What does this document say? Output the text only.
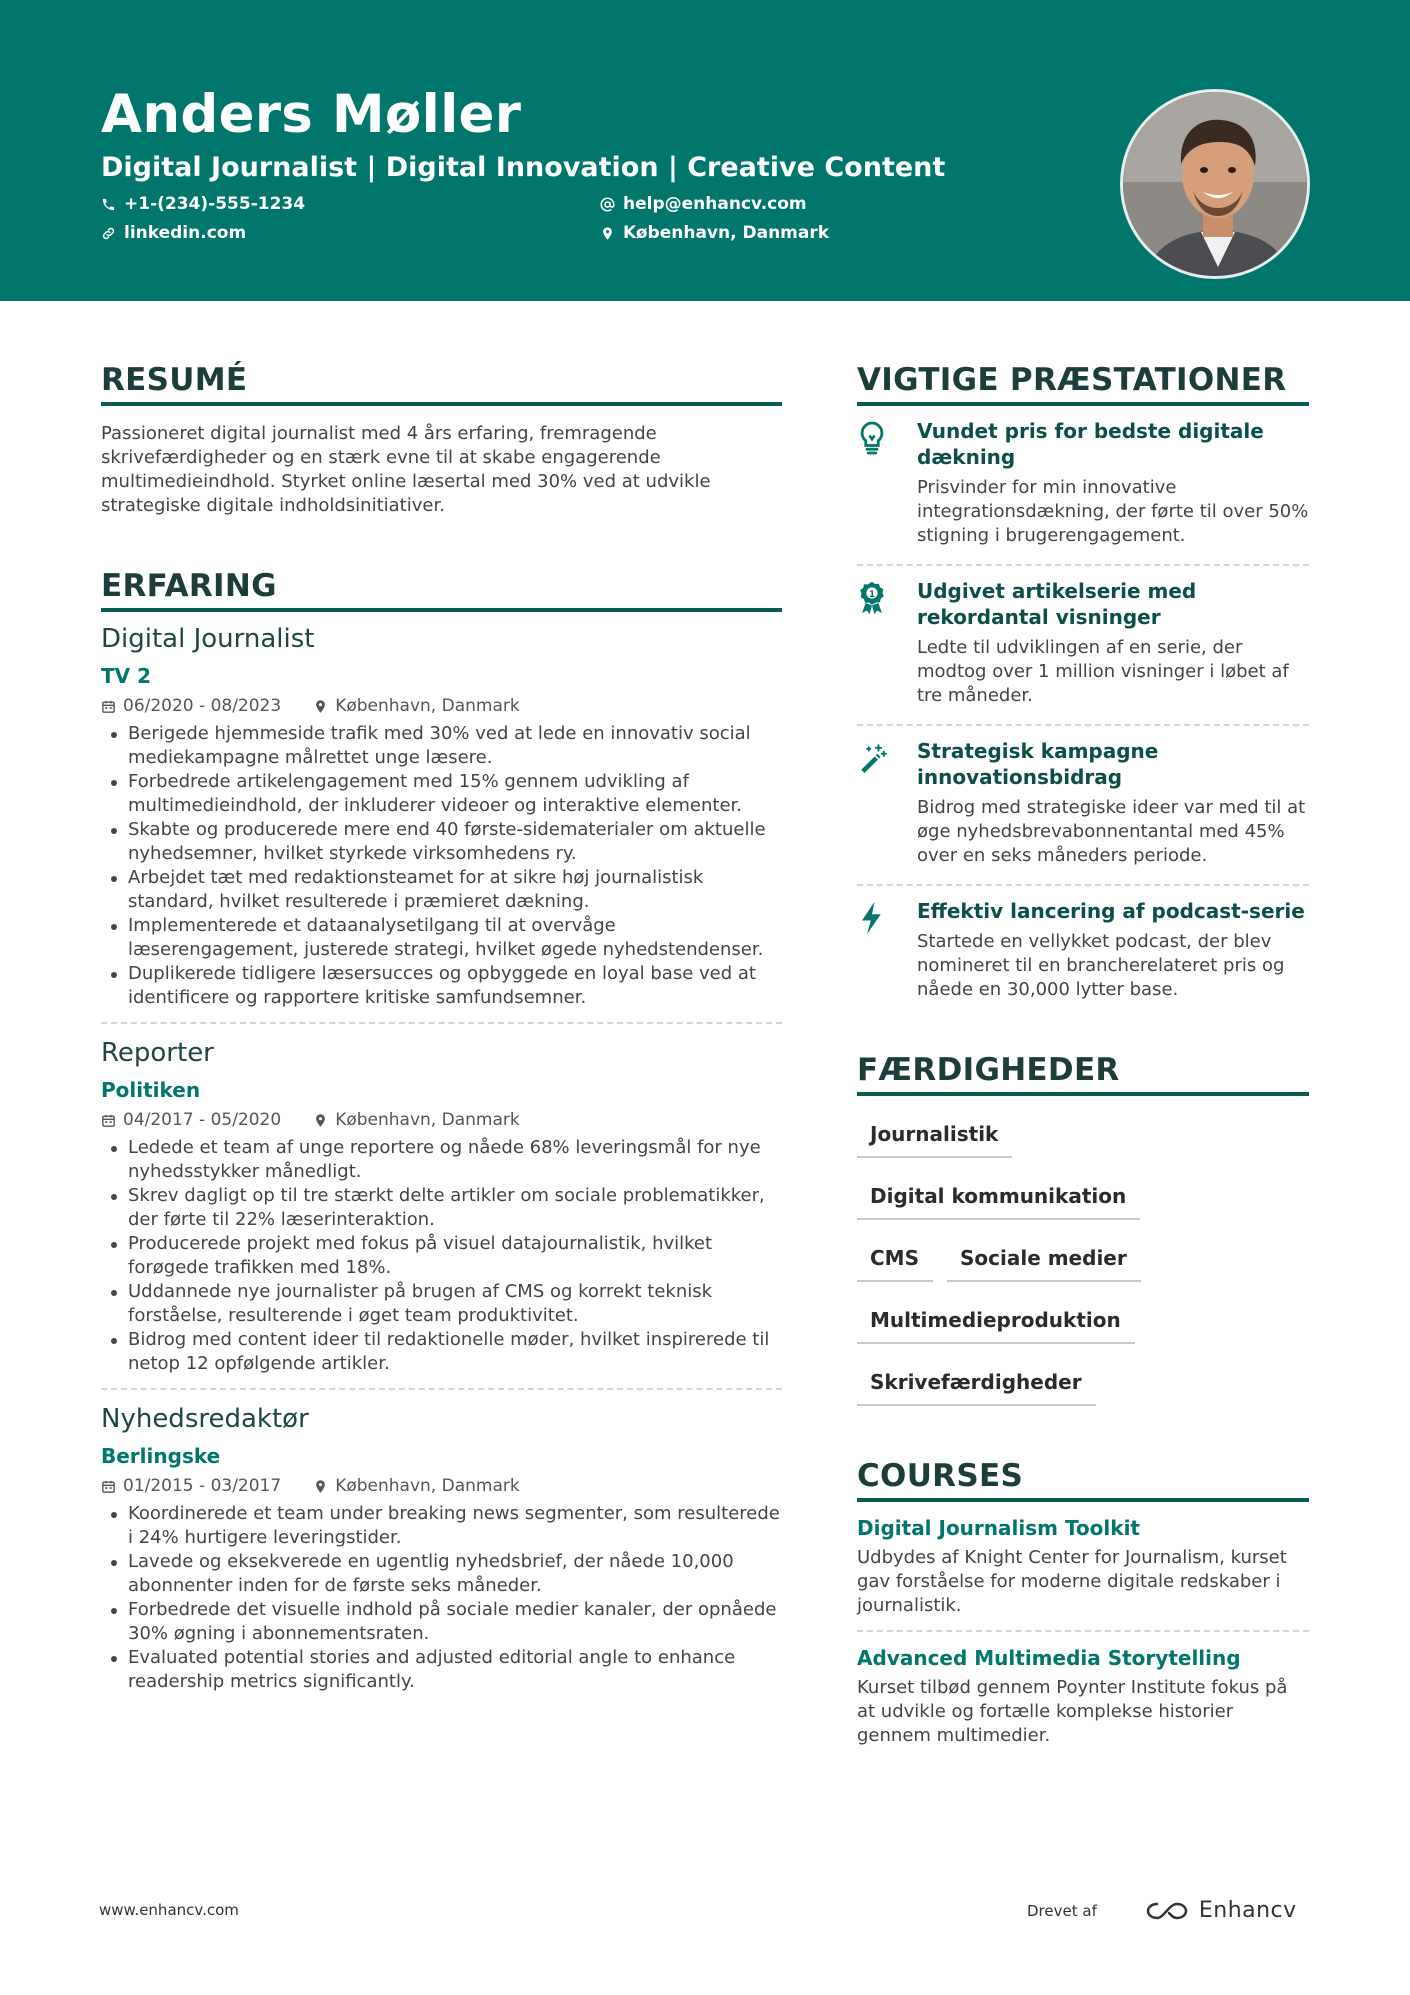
Anders Møller
Digital Journalist | Digital Innovation | Creative Content
+1-(234)-555-1234	help@enhancv.com
linkedin.com	København, Danmark
RESUMÉ
Passioneret digital journalist med 4 års erfaring, fremragende skrivefærdigheder og en stærk evne til at skabe engagerende multimedieindhold. Styrket online læsertal med 30% ved at udvikle strategiske digitale indholdsinitiativer.
ERFARING
Digital Journalist
TV 2
06/2020 - 08/2023	København, Danmark
Berigede hjemmeside trafik med 30% ved at lede en innovativ social mediekampagne målrettet unge læsere.
Forbedrede artikelengagement med 15% gennem udvikling af multimedieindhold, der inkluderer videoer og interaktive elementer.
Skabte og producerede mere end 40 første-sidematerialer om aktuelle nyhedsemner, hvilket styrkede virksomhedens ry.
Arbejdet tæt med redaktionsteamet for at sikre høj journalistisk standard, hvilket resulterede i præmieret dækning.
Implementerede et dataanalysetilgang til at overvåge læserengagement, justerede strategi, hvilket øgede nyhedstendenser.
Duplikerede tidligere læsersucces og opbyggede en loyal base ved at identificere og rapportere kritiske samfundsemner.
Reporter
Politiken
04/2017 - 05/2020	København, Danmark
Ledede et team af unge reportere og nåede 68% leveringsmål for nye nyhedsstykker månedligt.
Skrev dagligt op til tre stærkt delte artikler om sociale problematikker, der førte til 22% læserinteraktion.
Producerede projekt med fokus på visuel datajournalistik, hvilket forøgede trafikken med 18%.
Uddannede nye journalister på brugen af CMS og korrekt teknisk forståelse, resulterende i øget team produktivitet.
Bidrog med content ideer til redaktionelle møder, hvilket inspirerede til netop 12 opfølgende artikler.
Nyhedsredaktør
Berlingske
01/2015 - 03/2017	København, Danmark
Koordinerede et team under breaking news segmenter, som resulterede i 24% hurtigere leveringstider.
Lavede og eksekverede en ugentlig nyhedsbrief, der nåede 10,000 abonnenter inden for de første seks måneder.
Forbedrede det visuelle indhold på sociale medier kanaler, der opnåede 30% øgning i abonnementsraten.
Evaluated potential stories and adjusted editorial angle to enhance readership metrics significantly.
VIGTIGE PRÆSTATIONER
Vundet pris for bedste digitale dækning
Prisvinder for min innovative integrationsdækning, der førte til over 50% stigning i brugerengagement.
1 Udgivet artikelserie med rekordantal visninger
Ledte til udviklingen af en serie, der modtog over 1 million visninger i løbet af tre måneder.
Strategisk kampagne innovationsbidrag
Bidrog med strategiske ideer var med til at øge nyhedsbrevabonnentantal med 45% over en seks måneders periode.
Effektiv lancering af podcast-serie
Startede en vellykket podcast, der blev nomineret til en brancherelateret pris og nåede en 30,000 lytter base.
FÆRDIGHEDER
Journalistik
Digital kommunikation
CMS	Sociale medier
Multimedieproduktion
Skrivefærdigheder
COURSES
Digital Journalism Toolkit
Udbydes af Knight Center for Journalism, kurset gav forståelse for moderne digitale redskaber i journalistik.
Advanced Multimedia Storytelling
Kurset tilbød gennem Poynter Institute fokus på at udvikle og fortælle komplekse historier gennem multimedier.
www.enhancv.com	Drevet af	Enhancv
